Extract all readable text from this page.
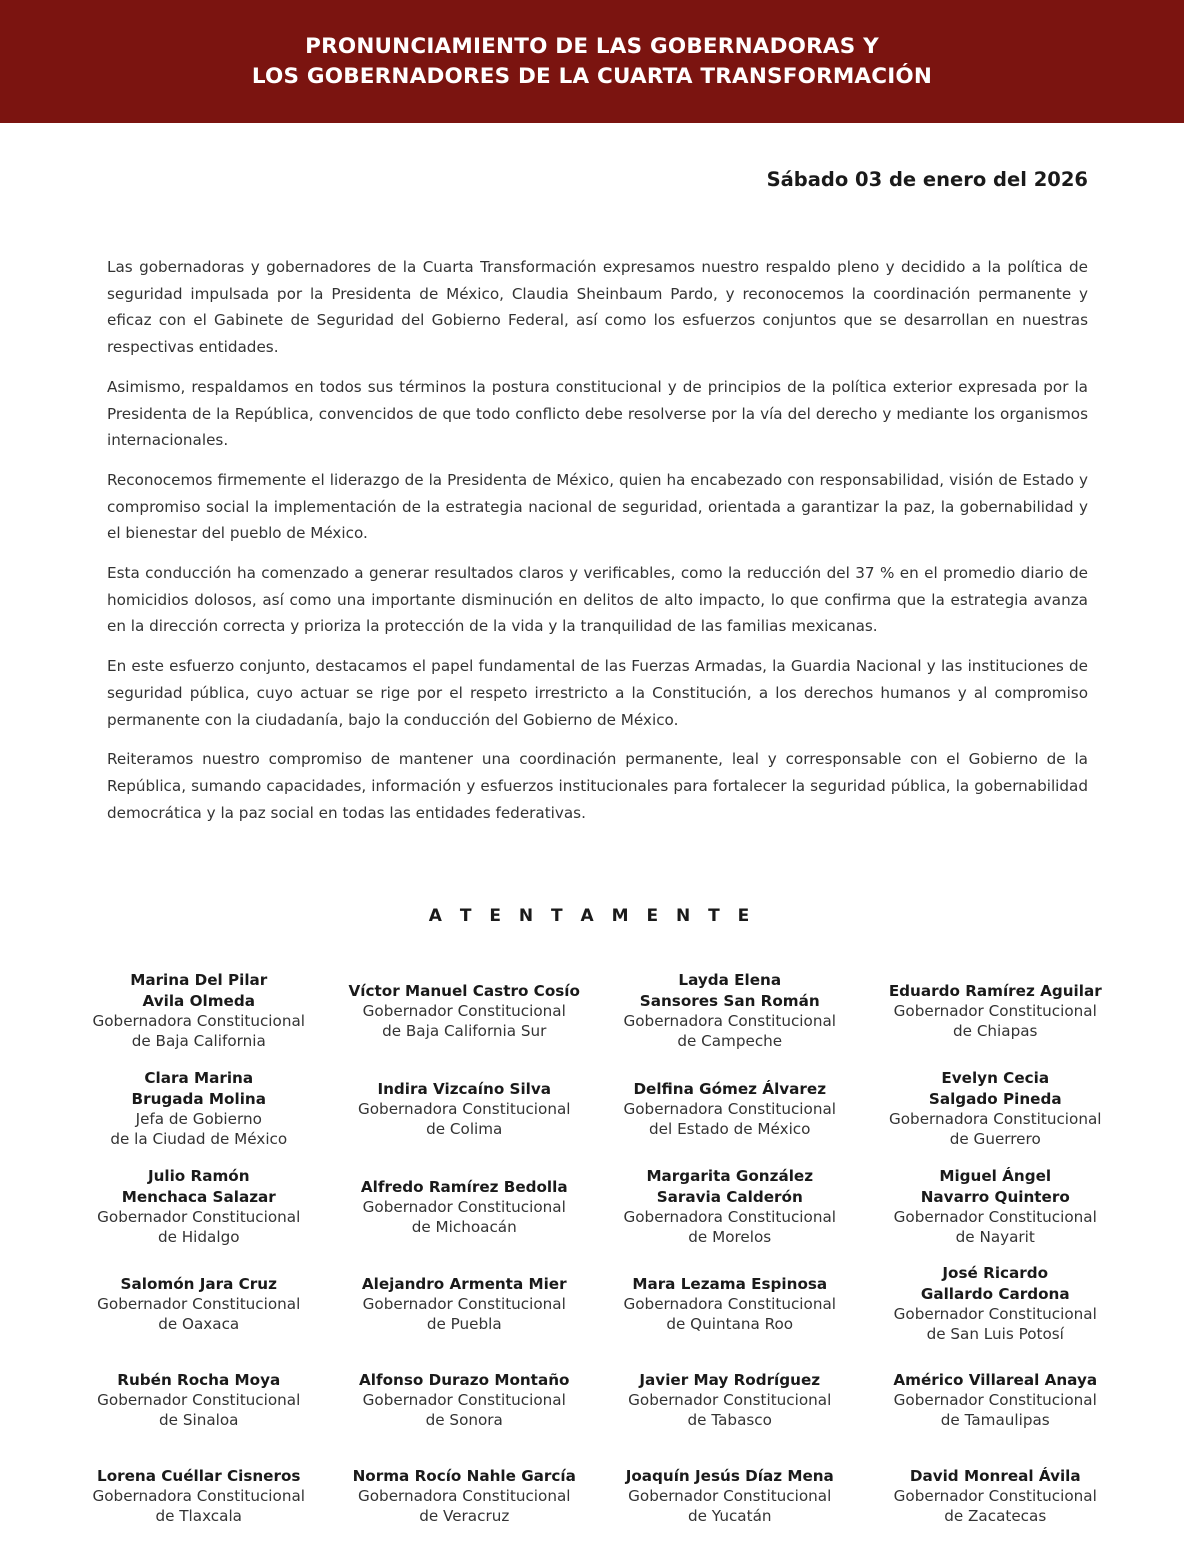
PRONUNCIAMIENTO DE LAS GOBERNADORAS Y
LOS GOBERNADORES DE LA CUARTA TRANSFORMACIÓN
Sábado 03 de enero del 2026

Las gobernadoras y gobernadores de la Cuarta Transformación expresamos nuestro respaldo pleno y decidido a la política de seguridad impulsada por la Presidenta de México, Claudia Sheinbaum Pardo, y reconocemos la coordinación permanente y eficaz con el Gabinete de Seguridad del Gobierno Federal, así como los esfuerzos conjuntos que se desarrollan en nuestras respectivas entidades.

Asimismo, respaldamos en todos sus términos la postura constitucional y de principios de la política exterior expresada por la Presidenta de la República, convencidos de que todo conflicto debe resolverse por la vía del derecho y mediante los organismos internacionales.

Reconocemos firmemente el liderazgo de la Presidenta de México, quien ha encabezado con responsabilidad, visión de Estado y compromiso social la implementación de la estrategia nacional de seguridad, orientada a garantizar la paz, la gobernabilidad y el bienestar del pueblo de México.

Esta conducción ha comenzado a generar resultados claros y verificables, como la reducción del 37 % en el promedio diario de homicidios dolosos, así como una importante disminución en delitos de alto impacto, lo que confirma que la estrategia avanza en la dirección correcta y prioriza la protección de la vida y la tranquilidad de las familias mexicanas.

En este esfuerzo conjunto, destacamos el papel fundamental de las Fuerzas Armadas, la Guardia Nacional y las instituciones de seguridad pública, cuyo actuar se rige por el respeto irrestricto a la Constitución, a los derechos humanos y al compromiso permanente con la ciudadanía, bajo la conducción del Gobierno de México.

Reiteramos nuestro compromiso de mantener una coordinación permanente, leal y corresponsable con el Gobierno de la República, sumando capacidades, información y esfuerzos institucionales para fortalecer la seguridad pública, la gobernabilidad democrática y la paz social en todas las entidades federativas.

A T E N T A M E N T E
Marina Del Pilar
Avila Olmeda
Gobernadora Constitucional
de Baja California
Víctor Manuel Castro Cosío
Gobernador Constitucional
de Baja California Sur
Layda Elena
Sansores San Román
Gobernadora Constitucional
de Campeche
Eduardo Ramírez Aguilar
Gobernador Constitucional
de Chiapas
Clara Marina
Brugada Molina
Jefa de Gobierno
de la Ciudad de México
Indira Vizcaíno Silva
Gobernadora Constitucional
de Colima
Delfina Gómez Álvarez
Gobernadora Constitucional
del Estado de México
Evelyn Cecia
Salgado Pineda
Gobernadora Constitucional
de Guerrero
Julio Ramón
Menchaca Salazar
Gobernador Constitucional
de Hidalgo
Alfredo Ramírez Bedolla
Gobernador Constitucional
de Michoacán
Margarita González
Saravia Calderón
Gobernadora Constitucional
de Morelos
Miguel Ángel
Navarro Quintero
Gobernador Constitucional
de Nayarit
Salomón Jara Cruz
Gobernador Constitucional
de Oaxaca
Alejandro Armenta Mier
Gobernador Constitucional
de Puebla
Mara Lezama Espinosa
Gobernadora Constitucional
de Quintana Roo
José Ricardo
Gallardo Cardona
Gobernador Constitucional
de San Luis Potosí
Rubén Rocha Moya
Gobernador Constitucional
de Sinaloa
Alfonso Durazo Montaño
Gobernador Constitucional
de Sonora
Javier May Rodríguez
Gobernador Constitucional
de Tabasco
Américo Villareal Anaya
Gobernador Constitucional
de Tamaulipas
Lorena Cuéllar Cisneros
Gobernadora Constitucional
de Tlaxcala
Norma Rocío Nahle García
Gobernadora Constitucional
de Veracruz
Joaquín Jesús Díaz Mena
Gobernador Constitucional
de Yucatán
David Monreal Ávila
Gobernador Constitucional
de Zacatecas
